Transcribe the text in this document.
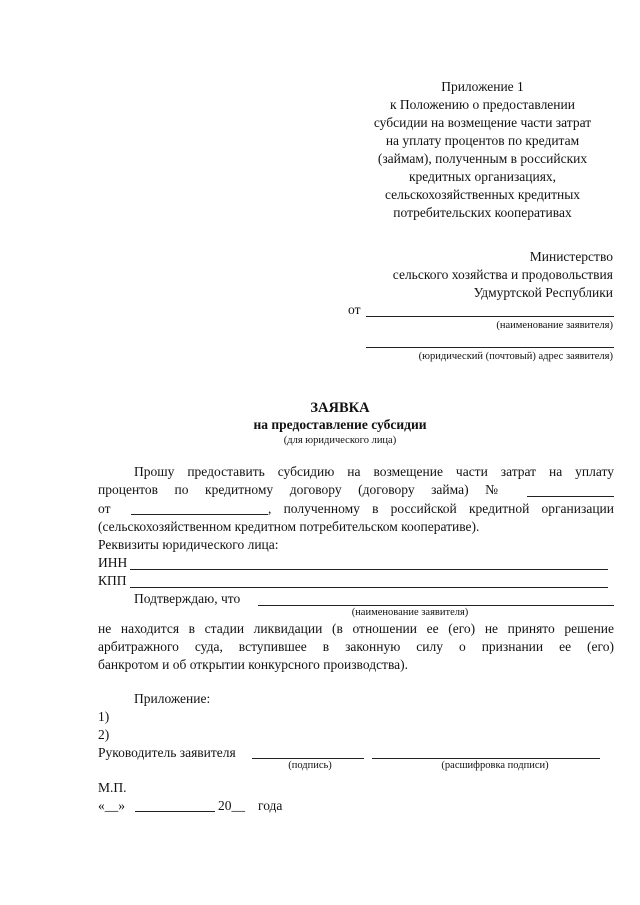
Приложение 1
к Положению о предоставлении
субсидии на возмещение части затрат
на уплату процентов по кредитам
(займам), полученным в российских
кредитных организациях,
сельскохозяйственных кредитных
потребительских кооперативах
Министерство
сельского хозяйства и продовольствия
Удмуртской Республики
от
(наименование заявителя)
(юридический (почтовый) адрес заявителя)
ЗАЯВКА
на предоставление субсидии
(для юридического лица)
Прошу предоставить субсидию на возмещение части затрат на уплату
процентов по кредитному договору (договору займа) №
от	, полученному в российской кредитной организации
(сельскохозяйственном кредитном потребительском кооперативе).
Реквизиты юридического лица:
ИНН
КПП
Подтверждаю, что
(наименование заявителя)
не находится в стадии ликвидации (в отношении ее (его) не принято решение
арбитражного суда, вступившее в законную силу о признании ее (его)
банкротом и об открытии конкурсного производства).
Приложение:
1)
2)
Руководитель заявителя
(подпись)	(расшифровка подписи)
М.П.
«__»	20__ года
